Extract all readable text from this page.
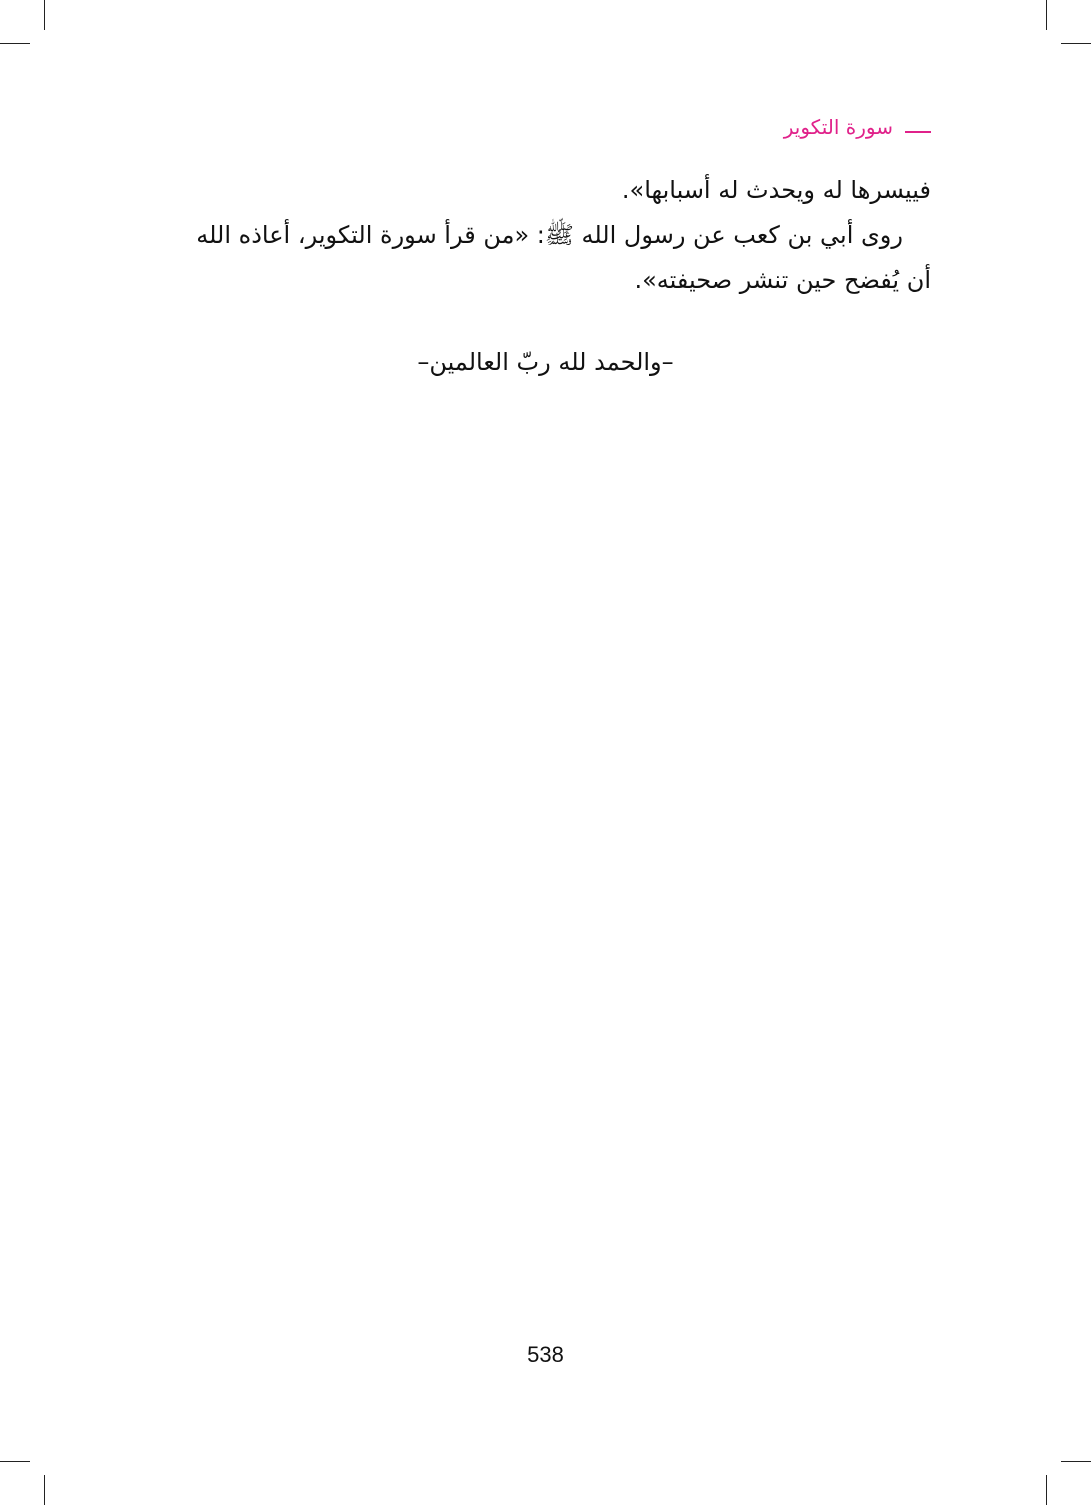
سورة التكوير
فييسرها له ويحدث له أسبابها».
روى أبي بن كعب عن رسول الله ﷺ: «من قرأ سورة التكوير، أعاذه الله
أن يُفضح حين تنشر صحيفته».
–والحمد لله ربّ العالمين–
538
